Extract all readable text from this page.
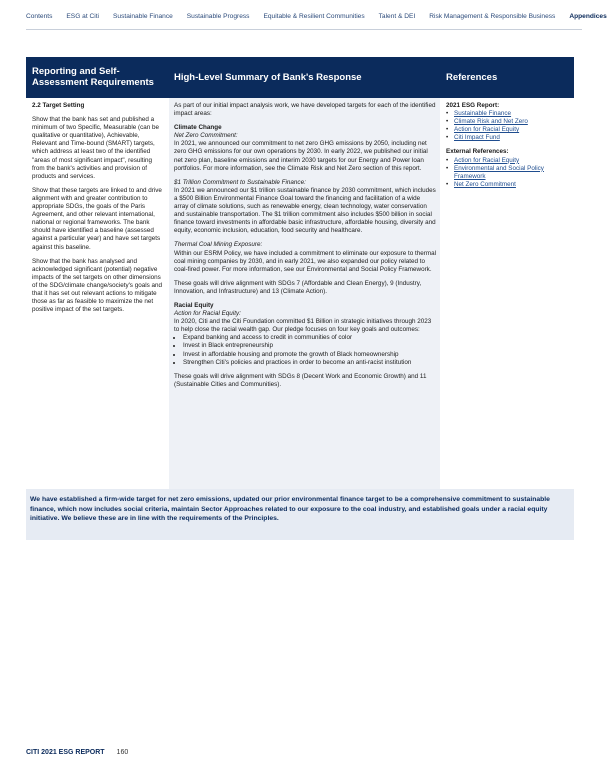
Contents ESG at Citi Sustainable Finance Sustainable Progress Equitable & Resilient Communities Talent & DEI Risk Management & Responsible Business Appendices
Reporting and Self-Assessment Requirements	High-Level Summary of Bank's Response	References

2.2 Target Setting

Show that the bank has set and published a minimum of two Specific, Measurable (can be qualitative or quantitative), Achievable, Relevant and Time-bound (SMART) targets, which address at least two of the identified "areas of most significant impact", resulting from the bank's activities and provision of products and services.

Show that these targets are linked to and drive alignment with and greater contribution to appropriate SDGs, the goals of the Paris Agreement, and other relevant international, national or regional frameworks. The bank should have identified a baseline (assessed against a particular year) and have set targets against this baseline.

Show that the bank has analysed and acknowledged significant (potential) negative impacts of the set targets on other dimensions of the SDG/climate change/society's goals and that it has set out relevant actions to mitigate those as far as feasible to maximize the net positive impact of the set targets.

As part of our initial impact analysis work, we have developed targets for each of the identified impact areas:

Climate Change
Net Zero Commitment:

In 2021, we announced our commitment to net zero GHG emissions by 2050, including net zero GHG emissions for our own operations by 2030. In early 2022, we published our initial net zero plan, baseline emissions and interim 2030 targets for our Energy and Power loan portfolios. For more information, see the Climate Risk and Net Zero section of this report.

$1 Trillion Commitment to Sustainable Finance:

In 2021 we announced our $1 trillion sustainable finance by 2030 commitment, which includes a $500 Billion Environmental Finance Goal toward the financing and facilitation of a wide array of climate solutions, such as renewable energy, clean technology, water conservation and sustainable transportation. The $1 trillion commitment also includes $500 billion in social finance toward investments in affordable basic infrastructure, affordable housing, diversity and equity, economic inclusion, education, food security and healthcare.

Thermal Coal Mining Exposure:

Within our ESRM Policy, we have included a commitment to eliminate our exposure to thermal coal mining companies by 2030, and in early 2021, we also expanded our policy related to coal-fired power. For more information, see our Environmental and Social Policy Framework.

These goals will drive alignment with SDGs 7 (Affordable and Clean Energy), 9 (Industry, Innovation, and Infrastructure) and 13 (Climate Action).

Racial Equity
Action for Racial Equity:
In 2020, Citi and the Citi Foundation committed $1 Billion in strategic initiatives through 2023 to help close the racial wealth gap. Our pledge focuses on four key goals and outcomes:
• Expand banking and access to credit in communities of color
• Invest in Black entrepreneurship
• Invest in affordable housing and promote the growth of Black homeownership
• Strengthen Citi's policies and practices in order to become an anti-racist institution

These goals will drive alignment with SDGs 8 (Decent Work and Economic Growth) and 11 (Sustainable Cities and Communities).

2021 ESG Report:
• Sustainable Finance
• Climate Risk and Net Zero
• Action for Racial Equity
• Citi Impact Fund
External References:
• Action for Racial Equity
• Environmental and Social Policy Framework
• Net Zero Commitment
We have established a firm-wide target for net zero emissions, updated our prior environmental finance target to be a comprehensive commitment to sustainable finance, which now includes social criteria, maintain Sector Approaches related to our exposure to the coal industry, and established goals under a racial equity initiative. We believe these are in line with the requirements of the Principles.
CITI 2021 ESG REPORT 160
